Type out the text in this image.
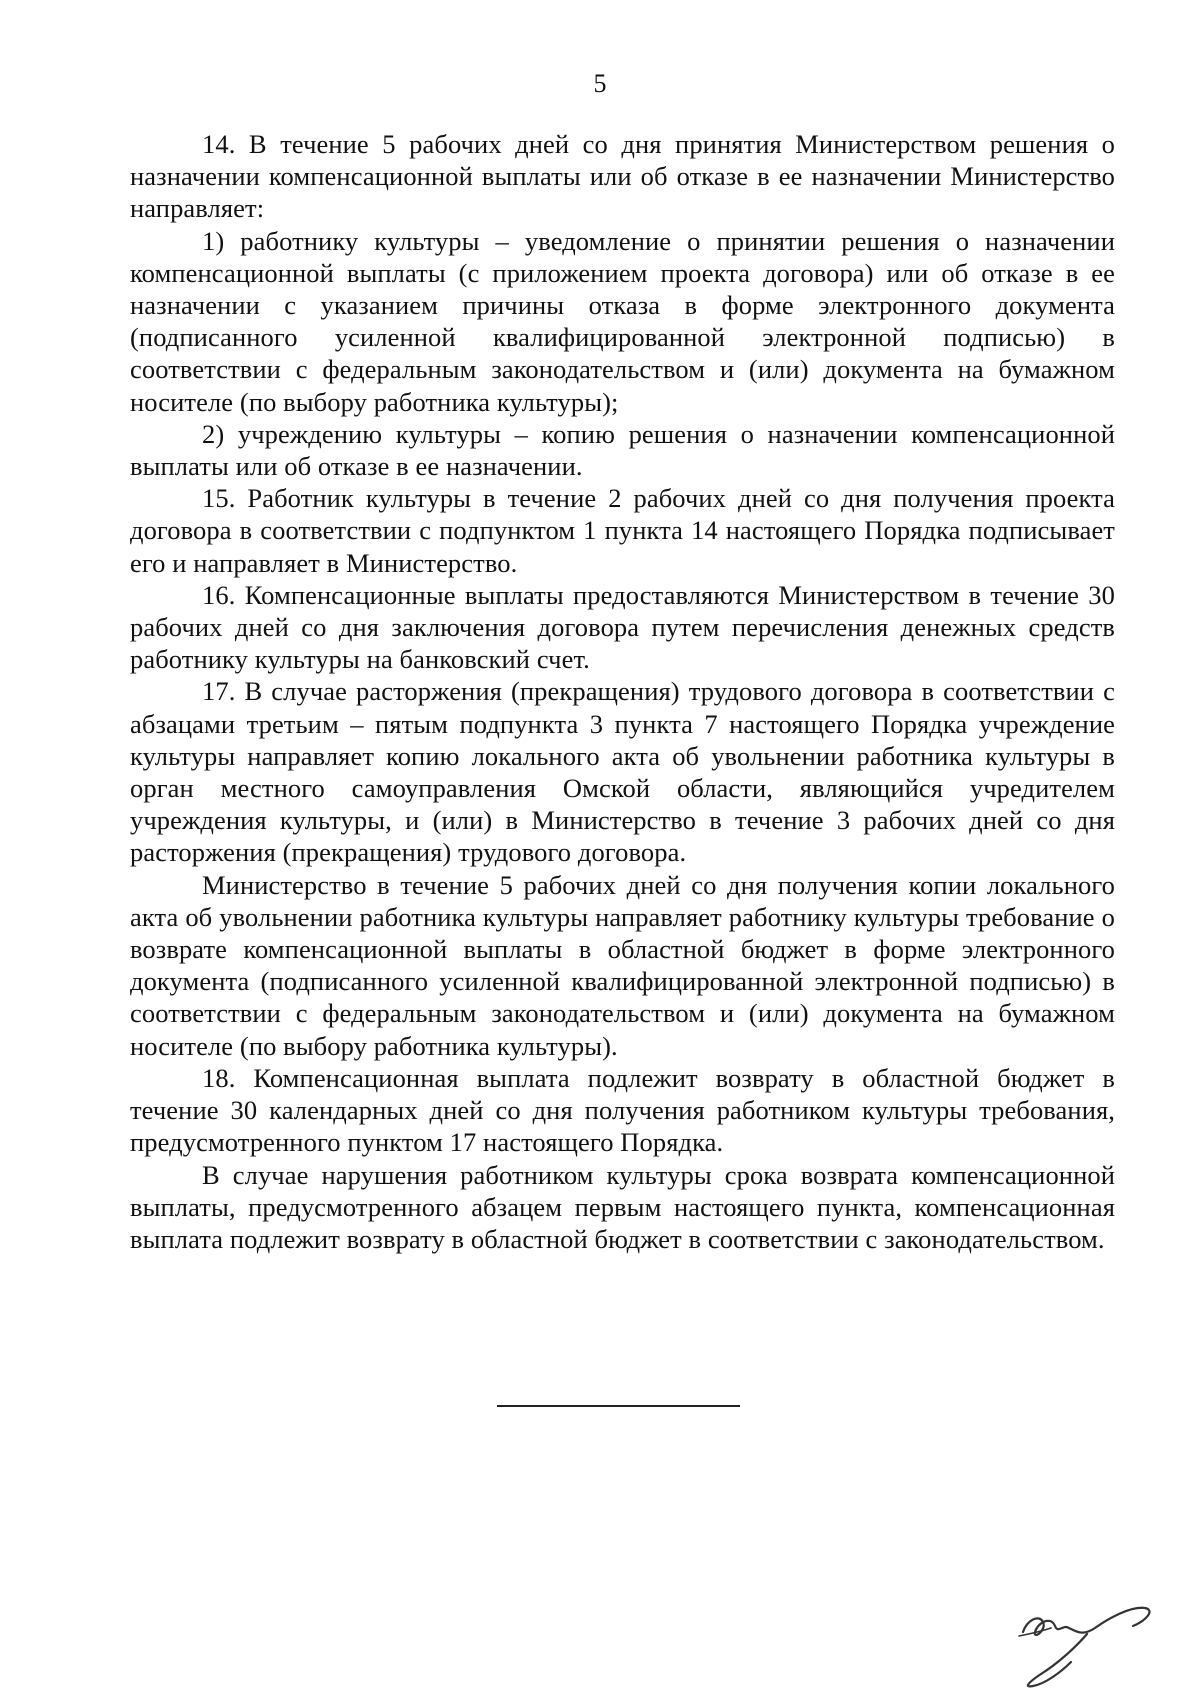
5

14. В течение 5 рабочих дней со дня принятия Министерством решения о назначении компенсационной выплаты или об отказе в ее назначении Министерство направляет:

1) работнику культуры – уведомление о принятии решения о назначении компенсационной выплаты (с приложением проекта договора) или об отказе в ее назначении с указанием причины отказа в форме электронного документа (подписанного усиленной квалифицированной электронной подписью) в соответствии с федеральным законодательством и (или) документа на бумажном носителе (по выбору работника культуры);

2) учреждению культуры – копию решения о назначении компенсационной выплаты или об отказе в ее назначении.

15. Работник культуры в течение 2 рабочих дней со дня получения проекта договора в соответствии с подпунктом 1 пункта 14 настоящего Порядка подписывает его и направляет в Министерство.

16. Компенсационные выплаты предоставляются Министерством в течение 30 рабочих дней со дня заключения договора путем перечисления денежных средств работнику культуры на банковский счет.

17. В случае расторжения (прекращения) трудового договора в соответствии с абзацами третьим – пятым подпункта 3 пункта 7 настоящего Порядка учреждение культуры направляет копию локального акта об увольнении работника культуры в орган местного самоуправления Омской области, являющийся учредителем учреждения культуры, и (или) в Министерство в течение 3 рабочих дней со дня расторжения (прекращения) трудового договора.

Министерство в течение 5 рабочих дней со дня получения копии локального акта об увольнении работника культуры направляет работнику культуры требование о возврате компенсационной выплаты в областной бюджет в форме электронного документа (подписанного усиленной квалифицированной электронной подписью) в соответствии с федеральным законодательством и (или) документа на бумажном носителе (по выбору работника культуры).

18. Компенсационная выплата подлежит возврату в областной бюджет в течение 30 календарных дней со дня получения работником культуры требования, предусмотренного пунктом 17 настоящего Порядка.

В случае нарушения работником культуры срока возврата компенсационной выплаты, предусмотренного абзацем первым настоящего пункта, компенсационная выплата подлежит возврату в областной бюджет в соответствии с законодательством.
